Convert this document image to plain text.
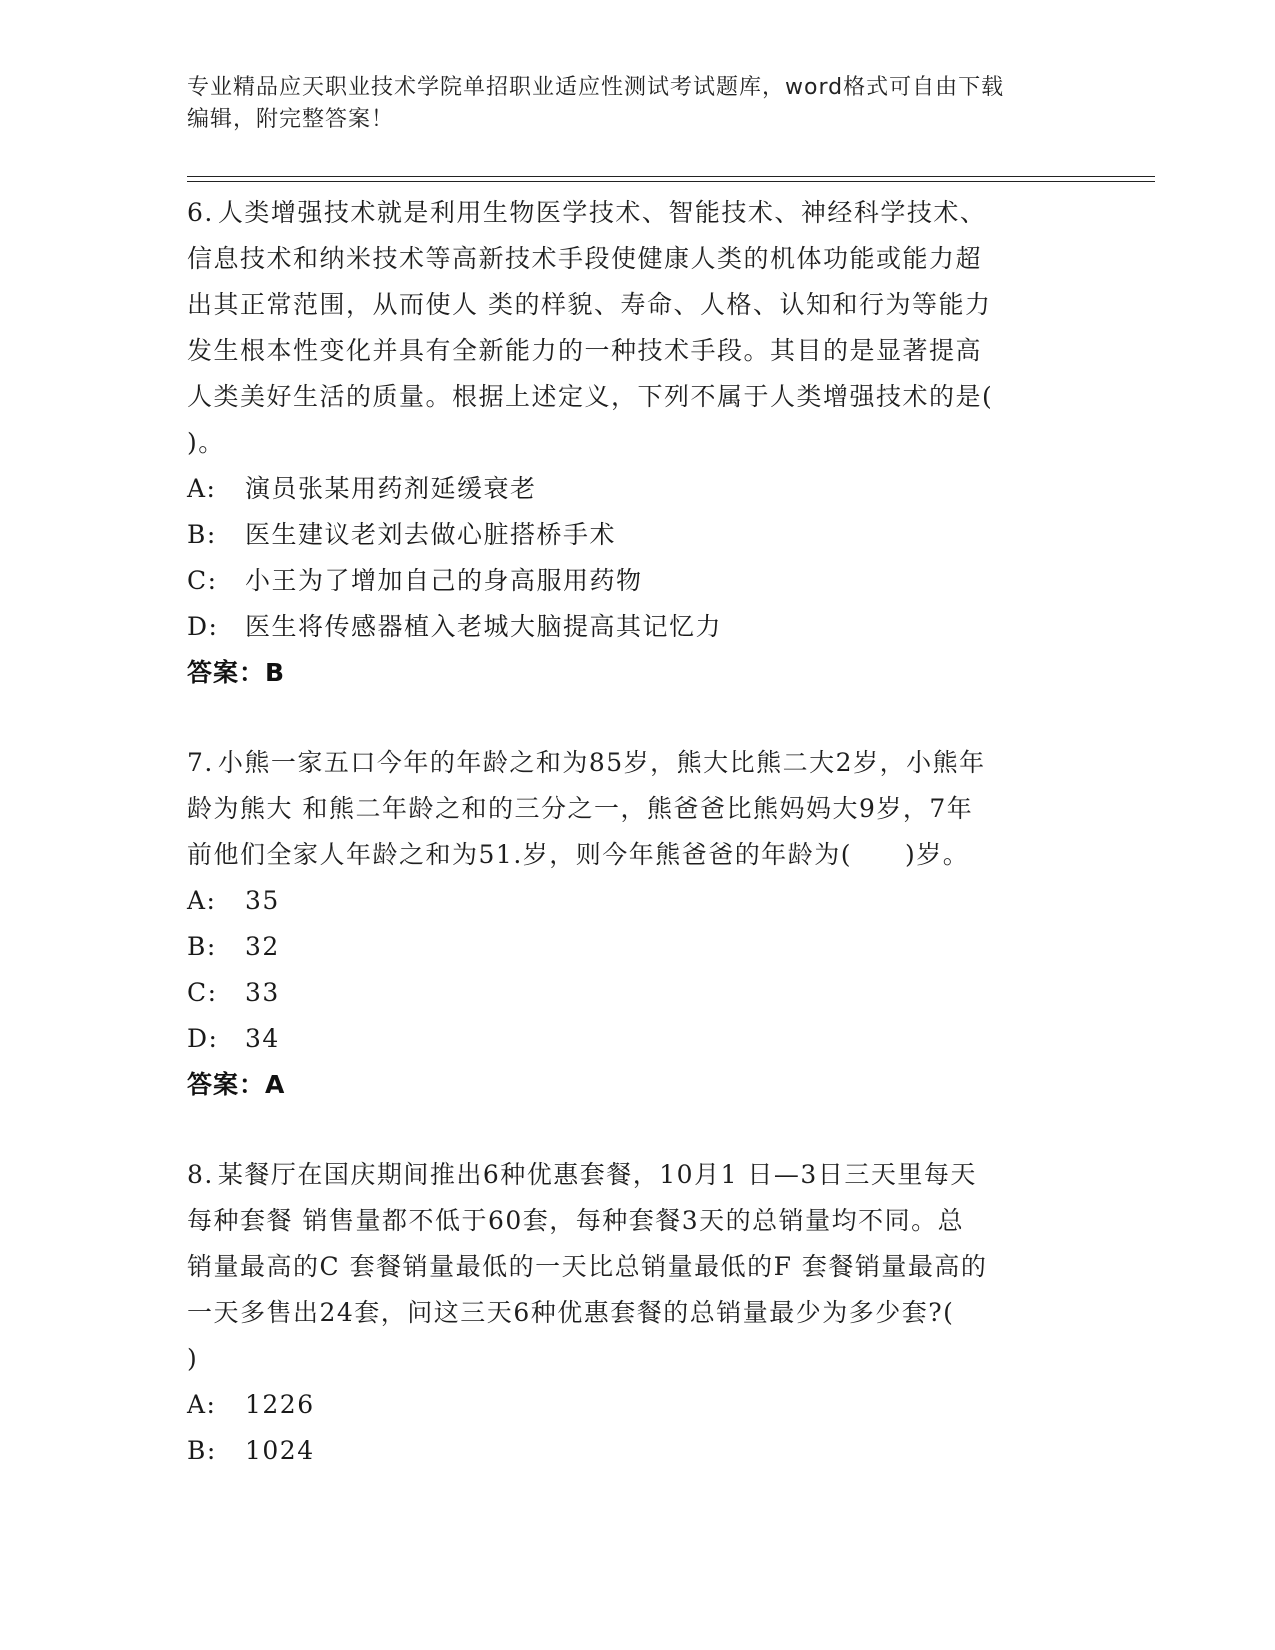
专业精品应天职业技术学院单招职业适应性测试考试题库，word格式可自由下载
编辑，附完整答案！
6. 人类增强技术就是利用生物医学技术、智能技术、神经科学技术、
信息技术和纳米技术等高新技术手段使健康人类的机体功能或能力超
出其正常范围，从而使人 类的样貌、寿命、人格、认知和行为等能力
发生根本性变化并具有全新能力的一种技术手段。其目的是显著提高
人类美好生活的质量。根据上述定义，下列不属于人类增强技术的是(
)。
A:	演员张某用药剂延缓衰老
B:	医生建议老刘去做心脏搭桥手术
C:	小王为了增加自己的身高服用药物
D:	医生将传感器植入老城大脑提高其记忆力
答案：B
7. 小熊一家五口今年的年龄之和为85岁，熊大比熊二大2岁，小熊年
龄为熊大 和熊二年龄之和的三分之一，熊爸爸比熊妈妈大9岁，7年
前他们全家人年龄之和为51.岁，则今年熊爸爸的年龄为(　　)岁。
A:	35
B:	32
C:	33
D:	34
答案：A
8. 某餐厅在国庆期间推出6种优惠套餐，10月1 日—3日三天里每天
每种套餐 销售量都不低于60套，每种套餐3天的总销量均不同。总
销量最高的C 套餐销量最低的一天比总销量最低的F 套餐销量最高的
一天多售出24套，问这三天6种优惠套餐的总销量最少为多少套?(
)
A:	1226
B:	1024
